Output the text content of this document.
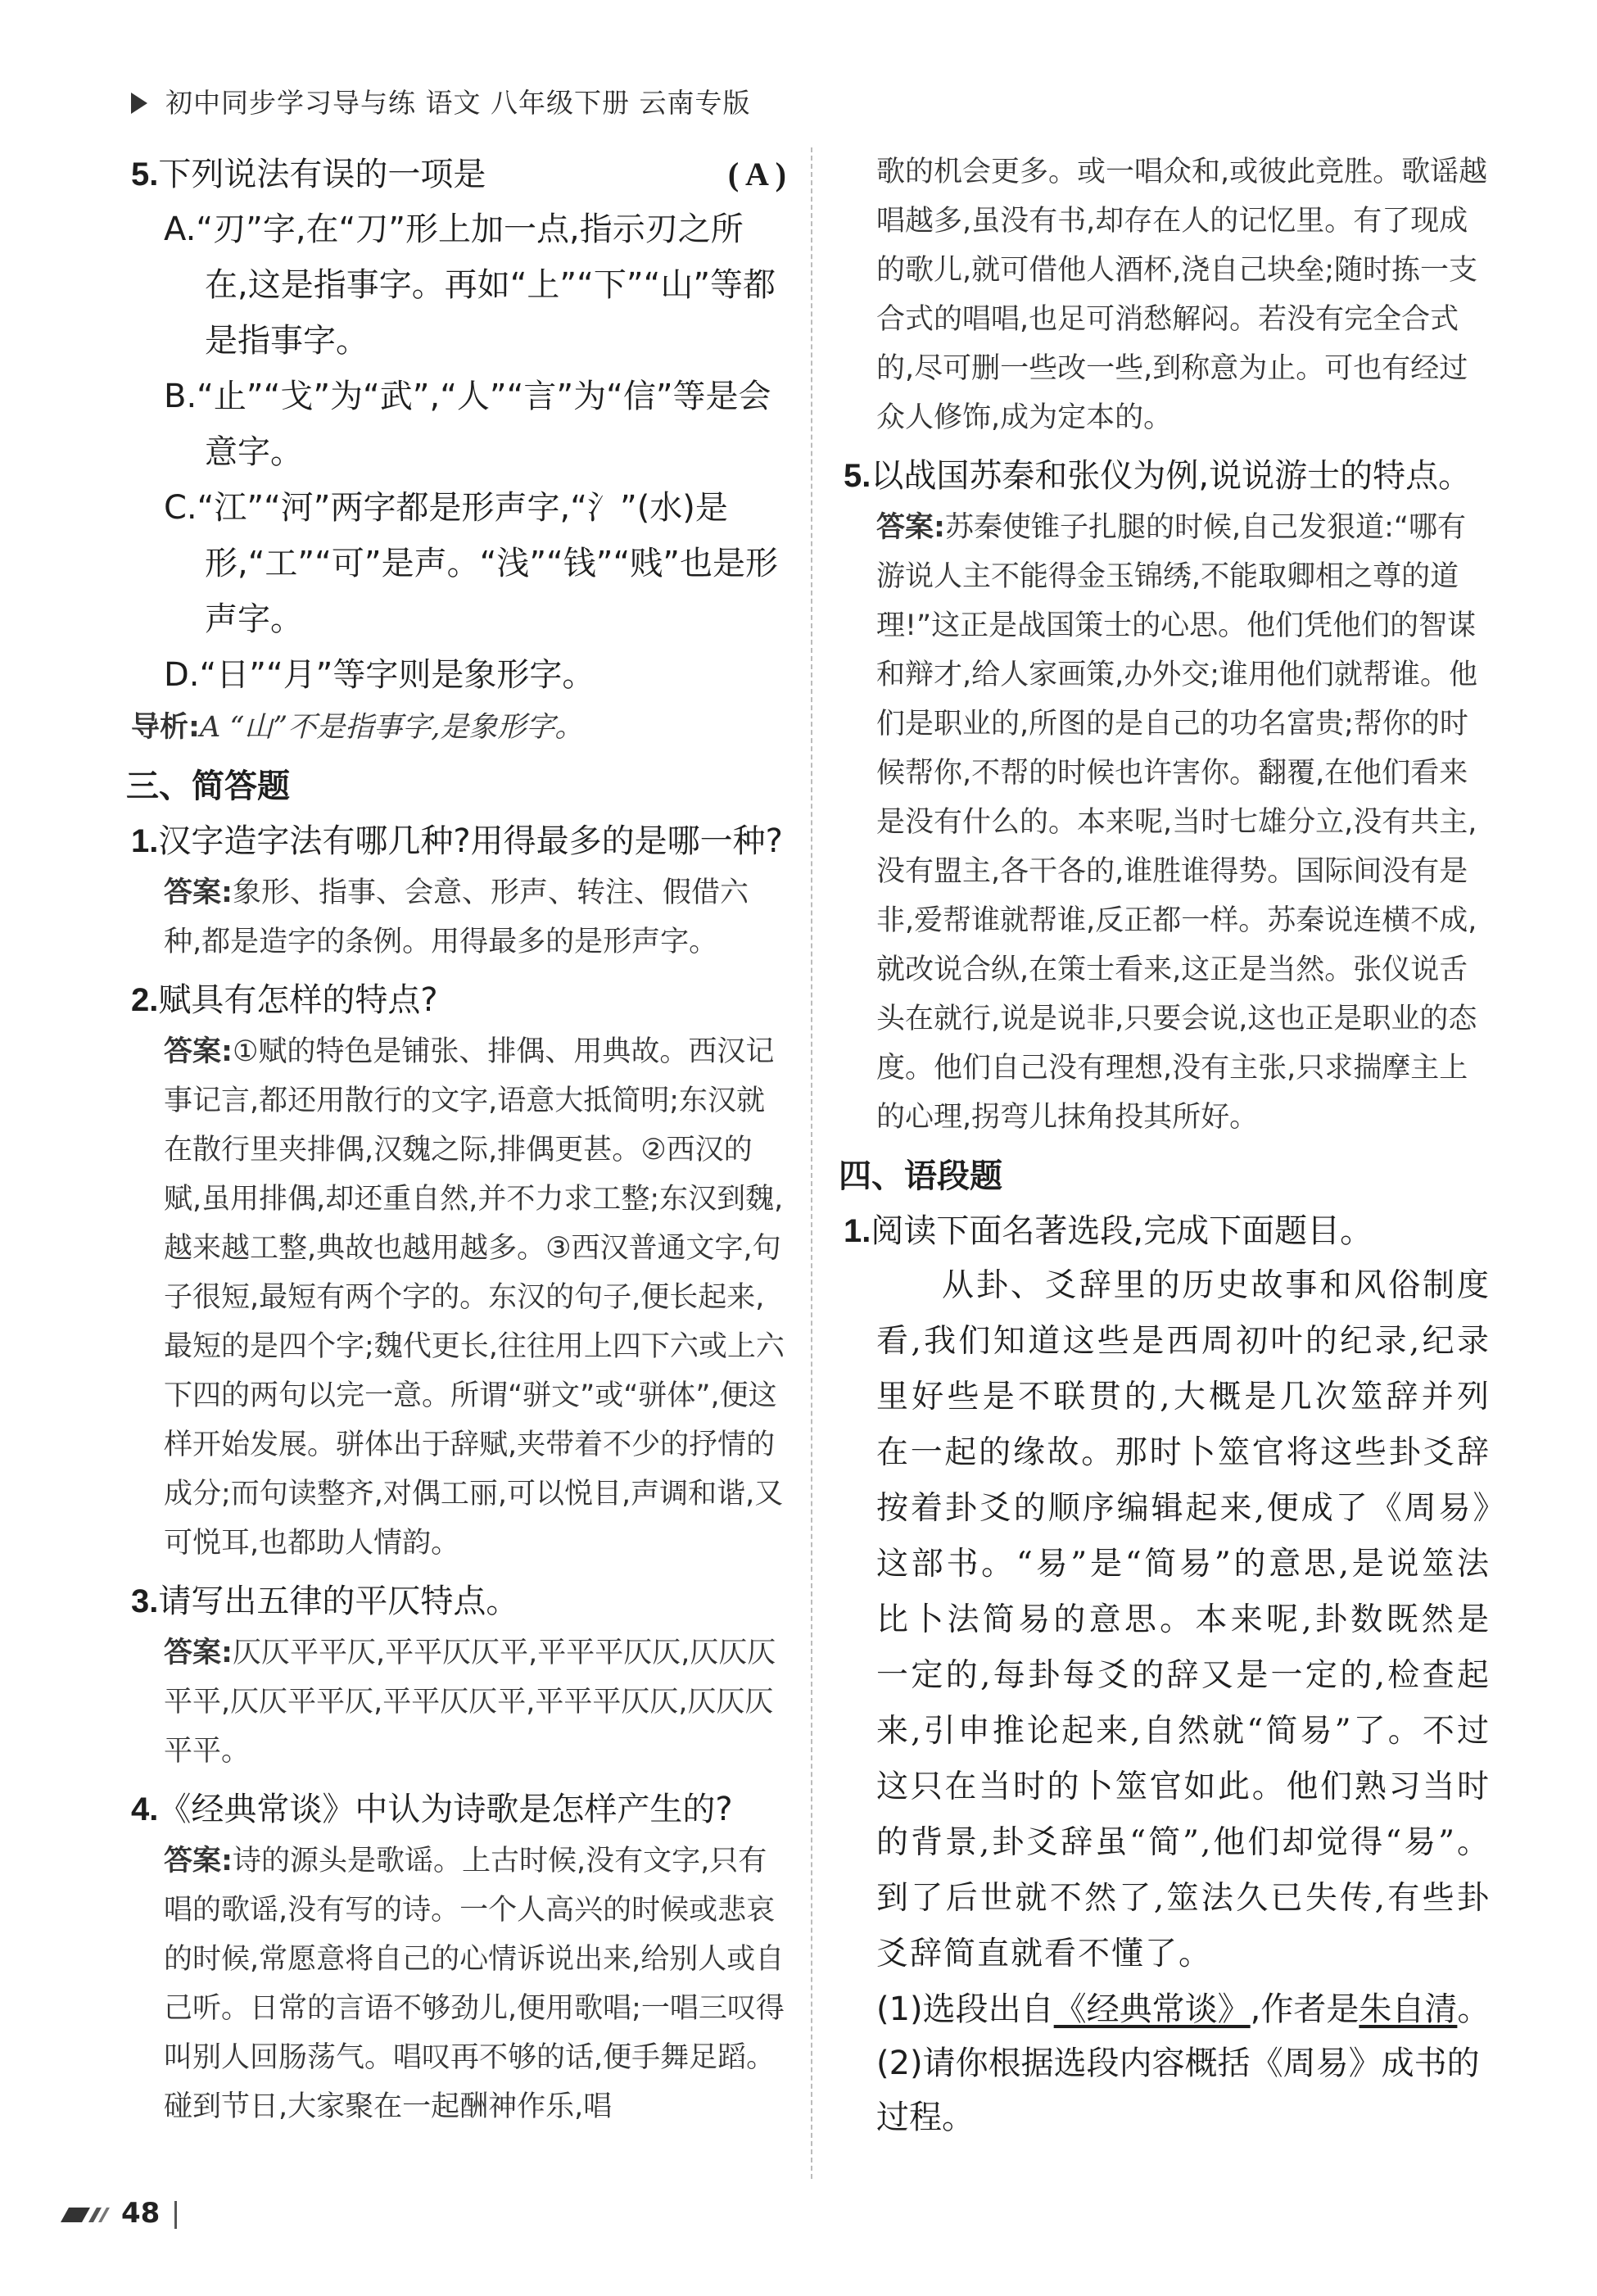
初中同步学习导与练 语文 八年级下册 云南专版

5.下列说法有误的一项是	( A )

A.“刃”字,在“刀”形上加一点,指示刃之所在,这是指事字。再如“上”“下”“山”等都是指事字。

B.“止”“戈”为“武”,“人”“言”为“信”等是会意字。

C.“江”“河”两字都是形声字,“氵”(水)是形,“工”“可”是声。“浅”“钱”“贱”也是形声字。

D.“日”“月”等字则是象形字。

导析:A “山”不是指事字,是象形字。

三、简答题

1.汉字造字法有哪几种?用得最多的是哪一种?

答案:象形、指事、会意、形声、转注、假借六种,都是造字的条例。用得最多的是形声字。

2.赋具有怎样的特点?

答案:①赋的特色是铺张、排偶、用典故。西汉记事记言,都还用散行的文字,语意大抵简明;东汉就在散行里夹排偶,汉魏之际,排偶更甚。②西汉的赋,虽用排偶,却还重自然,并不力求工整;东汉到魏,越来越工整,典故也越用越多。③西汉普通文字,句子很短,最短有两个字的。东汉的句子,便长起来,最短的是四个字;魏代更长,往往用上四下六或上六下四的两句以完一意。所谓“骈文”或“骈体”,便这样开始发展。骈体出于辞赋,夹带着不少的抒情的成分;而句读整齐,对偶工丽,可以悦目,声调和谐,又可悦耳,也都助人情韵。

3.请写出五律的平仄特点。

答案:仄仄平平仄,平平仄仄平,平平平仄仄,仄仄仄平平,仄仄平平仄,平平仄仄平,平平平仄仄,仄仄仄平平。

4.《经典常谈》中认为诗歌是怎样产生的?

答案:诗的源头是歌谣。上古时候,没有文字,只有唱的歌谣,没有写的诗。一个人高兴的时候或悲哀的时候,常愿意将自己的心情诉说出来,给别人或自己听。日常的言语不够劲儿,便用歌唱;一唱三叹得叫别人回肠荡气。唱叹再不够的话,便手舞足蹈。碰到节日,大家聚在一起酬神作乐,唱

歌的机会更多。或一唱众和,或彼此竞胜。歌谣越唱越多,虽没有书,却存在人的记忆里。有了现成的歌儿,就可借他人酒杯,浇自己块垒;随时拣一支合式的唱唱,也足可消愁解闷。若没有完全合式的,尽可删一些改一些,到称意为止。可也有经过众人修饰,成为定本的。

5.以战国苏秦和张仪为例,说说游士的特点。

答案:苏秦使锥子扎腿的时候,自己发狠道:“哪有游说人主不能得金玉锦绣,不能取卿相之尊的道理!”这正是战国策士的心思。他们凭他们的智谋和辩才,给人家画策,办外交;谁用他们就帮谁。他们是职业的,所图的是自己的功名富贵;帮你的时候帮你,不帮的时候也许害你。翻覆,在他们看来是没有什么的。本来呢,当时七雄分立,没有共主,没有盟主,各干各的,谁胜谁得势。国际间没有是非,爱帮谁就帮谁,反正都一样。苏秦说连横不成,就改说合纵,在策士看来,这正是当然。张仪说舌头在就行,说是说非,只要会说,这也正是职业的态度。他们自己没有理想,没有主张,只求揣摩主上的心理,拐弯儿抹角投其所好。

四、语段题

1.阅读下面名著选段,完成下面题目。

从卦、爻辞里的历史故事和风俗制度看,我们知道这些是西周初叶的纪录,纪录里好些是不联贯的,大概是几次筮辞并列在一起的缘故。那时卜筮官将这些卦爻辞按着卦爻的顺序编辑起来,便成了《周易》这部书。“易”是“简易”的意思,是说筮法比卜法简易的意思。本来呢,卦数既然是一定的,每卦每爻的辞又是一定的,检查起来,引申推论起来,自然就“简易”了。不过这只在当时的卜筮官如此。他们熟习当时的背景,卦爻辞虽“简”,他们却觉得“易”。到了后世就不然了,筮法久已失传,有些卦爻辞简直就看不懂了。

(1)选段出自《经典常谈》,作者是朱自清。

(2)请你根据选段内容概括《周易》成书的过程。

48
